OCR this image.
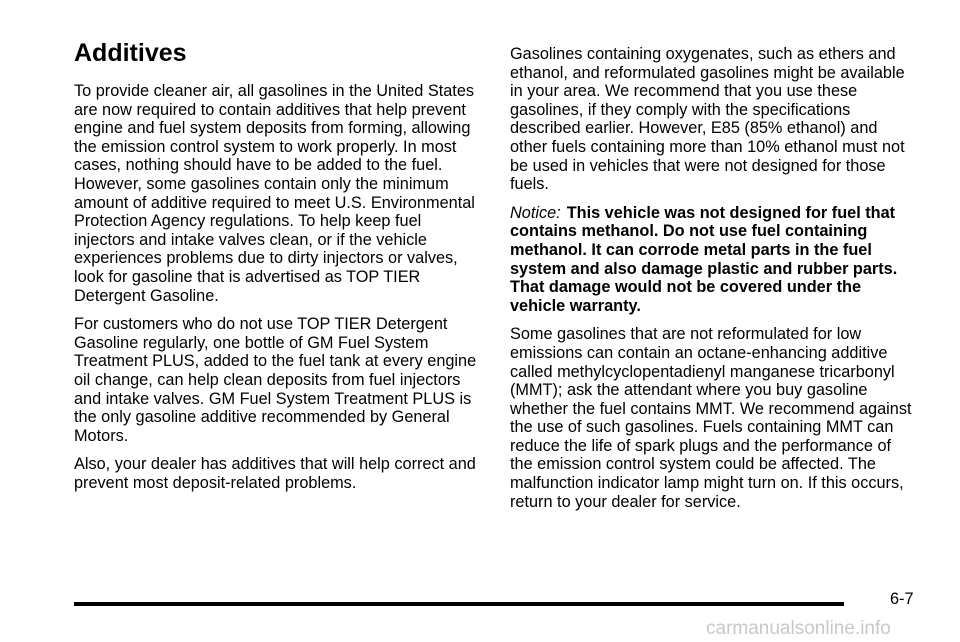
Additives

To provide cleaner air, all gasolines in the United States are now required to contain additives that help prevent engine and fuel system deposits from forming, allowing the emission control system to work properly. In most cases, nothing should have to be added to the fuel. However, some gasolines contain only the minimum amount of additive required to meet U.S. Environmental Protection Agency regulations. To help keep fuel injectors and intake valves clean, or if the vehicle experiences problems due to dirty injectors or valves, look for gasoline that is advertised as TOP TIER Detergent Gasoline.

For customers who do not use TOP TIER Detergent Gasoline regularly, one bottle of GM Fuel System Treatment PLUS, added to the fuel tank at every engine oil change, can help clean deposits from fuel injectors and intake valves. GM Fuel System Treatment PLUS is the only gasoline additive recommended by General Motors.

Also, your dealer has additives that will help correct and prevent most deposit-related problems.

Gasolines containing oxygenates, such as ethers and ethanol, and reformulated gasolines might be available in your area. We recommend that you use these gasolines, if they comply with the specifications described earlier. However, E85 (85% ethanol) and other fuels containing more than 10% ethanol must not be used in vehicles that were not designed for those fuels.

Notice: This vehicle was not designed for fuel that contains methanol. Do not use fuel containing methanol. It can corrode metal parts in the fuel system and also damage plastic and rubber parts. That damage would not be covered under the vehicle warranty.

Some gasolines that are not reformulated for low emissions can contain an octane-enhancing additive called methylcyclopentadienyl manganese tricarbonyl (MMT); ask the attendant where you buy gasoline whether the fuel contains MMT. We recommend against the use of such gasolines. Fuels containing MMT can reduce the life of spark plugs and the performance of the emission control system could be affected. The malfunction indicator lamp might turn on. If this occurs, return to your dealer for service.

6-7
carmanualsonline.info
